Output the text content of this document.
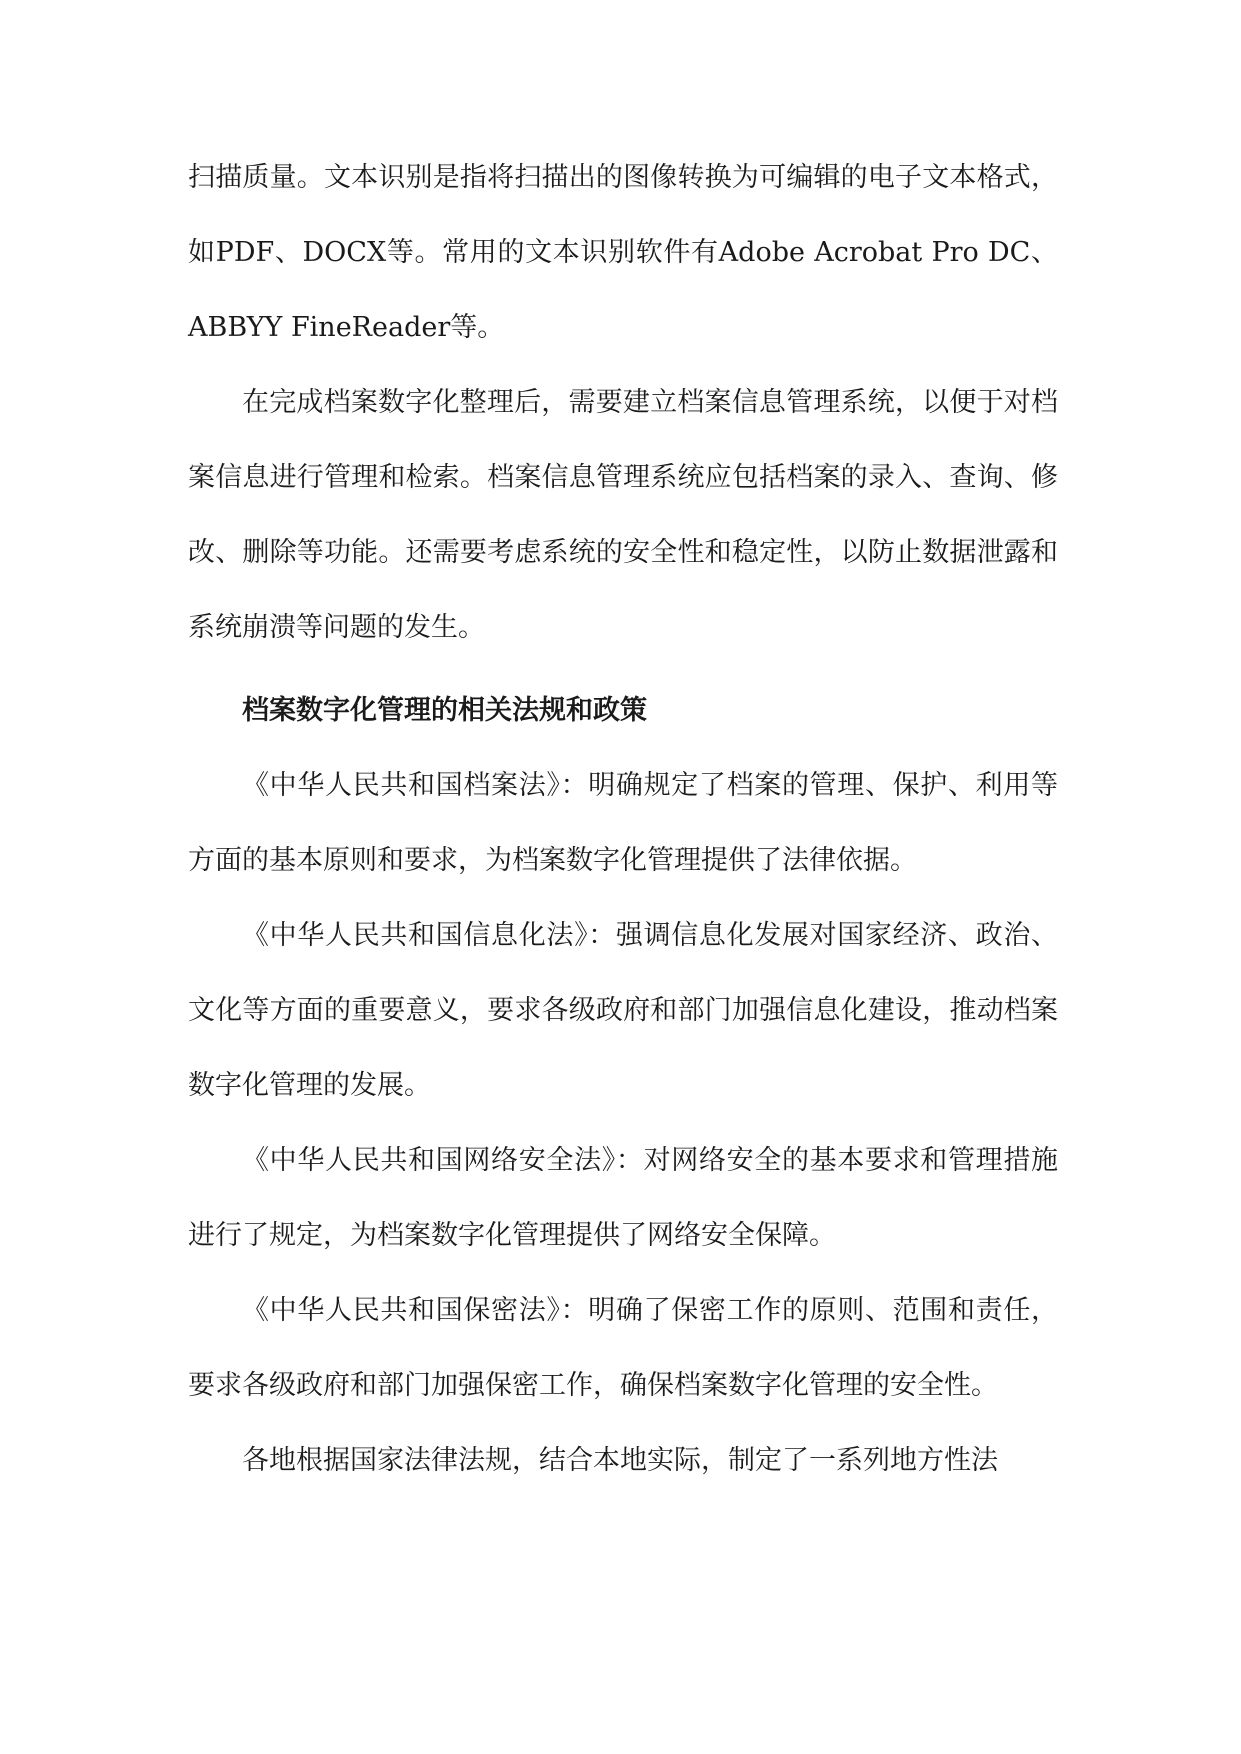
扫描质量。文本识别是指将扫描出的图像转换为可编辑的电子文本格式，如PDF、DOCX等。常用的文本识别软件有Adobe Acrobat Pro DC、ABBYY FineReader等。

在完成档案数字化整理后，需要建立档案信息管理系统，以便于对档案信息进行管理和检索。档案信息管理系统应包括档案的录入、查询、修改、删除等功能。还需要考虑系统的安全性和稳定性，以防止数据泄露和系统崩溃等问题的发生。

档案数字化管理的相关法规和政策

《中华人民共和国档案法》：明确规定了档案的管理、保护、利用等方面的基本原则和要求，为档案数字化管理提供了法律依据。

《中华人民共和国信息化法》：强调信息化发展对国家经济、政治、文化等方面的重要意义，要求各级政府和部门加强信息化建设，推动档案数字化管理的发展。

《中华人民共和国网络安全法》：对网络安全的基本要求和管理措施进行了规定，为档案数字化管理提供了网络安全保障。

《中华人民共和国保密法》：明确了保密工作的原则、范围和责任，要求各级政府和部门加强保密工作，确保档案数字化管理的安全性。

各地根据国家法律法规，结合本地实际，制定了一系列地方性法
